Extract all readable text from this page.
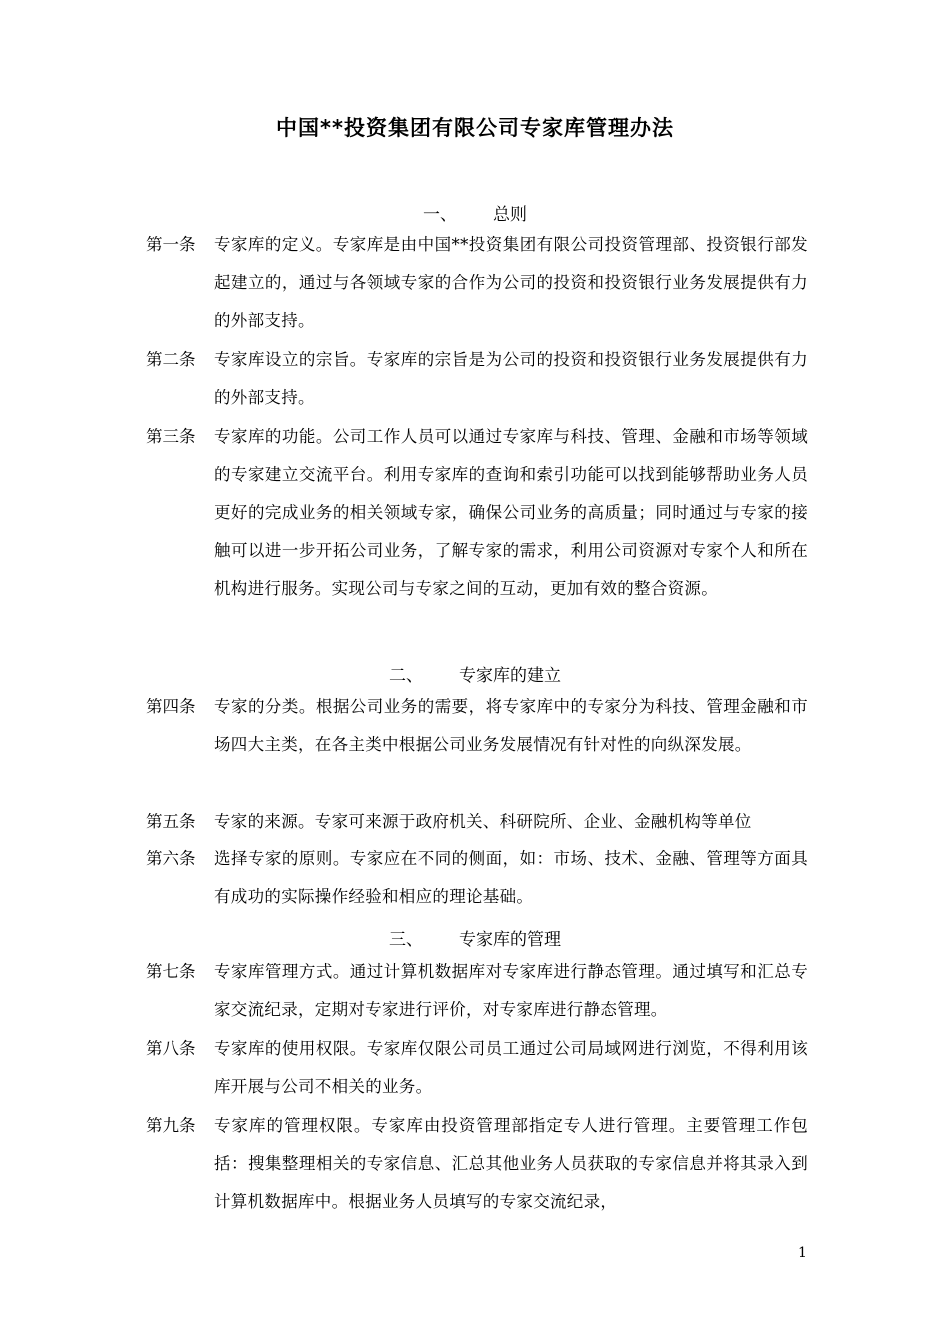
中国**投资集团有限公司专家库管理办法
一、 总则
第一条	专家库的定义。专家库是由中国**投资集团有限公司投资管理部、投资银行部发起建立的，通过与各领域专家的合作为公司的投资和投资银行业务发展提供有力的外部支持。
第二条	专家库设立的宗旨。专家库的宗旨是为公司的投资和投资银行业务发展提供有力的外部支持。
第三条	专家库的功能。公司工作人员可以通过专家库与科技、管理、金融和市场等领域的专家建立交流平台。利用专家库的查询和索引功能可以找到能够帮助业务人员更好的完成业务的相关领域专家，确保公司业务的高质量；同时通过与专家的接触可以进一步开拓公司业务，了解专家的需求，利用公司资源对专家个人和所在机构进行服务。实现公司与专家之间的互动，更加有效的整合资源。
二、 专家库的建立
第四条	专家的分类。根据公司业务的需要，将专家库中的专家分为科技、管理金融和市场四大主类，在各主类中根据公司业务发展情况有针对性的向纵深发展。
第五条	专家的来源。专家可来源于政府机关、科研院所、企业、金融机构等单位
第六条	选择专家的原则。专家应在不同的侧面，如：市场、技术、金融、管理等方面具有成功的实际操作经验和相应的理论基础。
三、 专家库的管理
第七条	专家库管理方式。通过计算机数据库对专家库进行静态管理。通过填写和汇总专家交流纪录，定期对专家进行评价，对专家库进行静态管理。
第八条	专家库的使用权限。专家库仅限公司员工通过公司局域网进行浏览，不得利用该库开展与公司不相关的业务。
第九条	专家库的管理权限。专家库由投资管理部指定专人进行管理。主要管理工作包括：搜集整理相关的专家信息、汇总其他业务人员获取的专家信息并将其录入到计算机数据库中。根据业务人员填写的专家交流纪录，
1
